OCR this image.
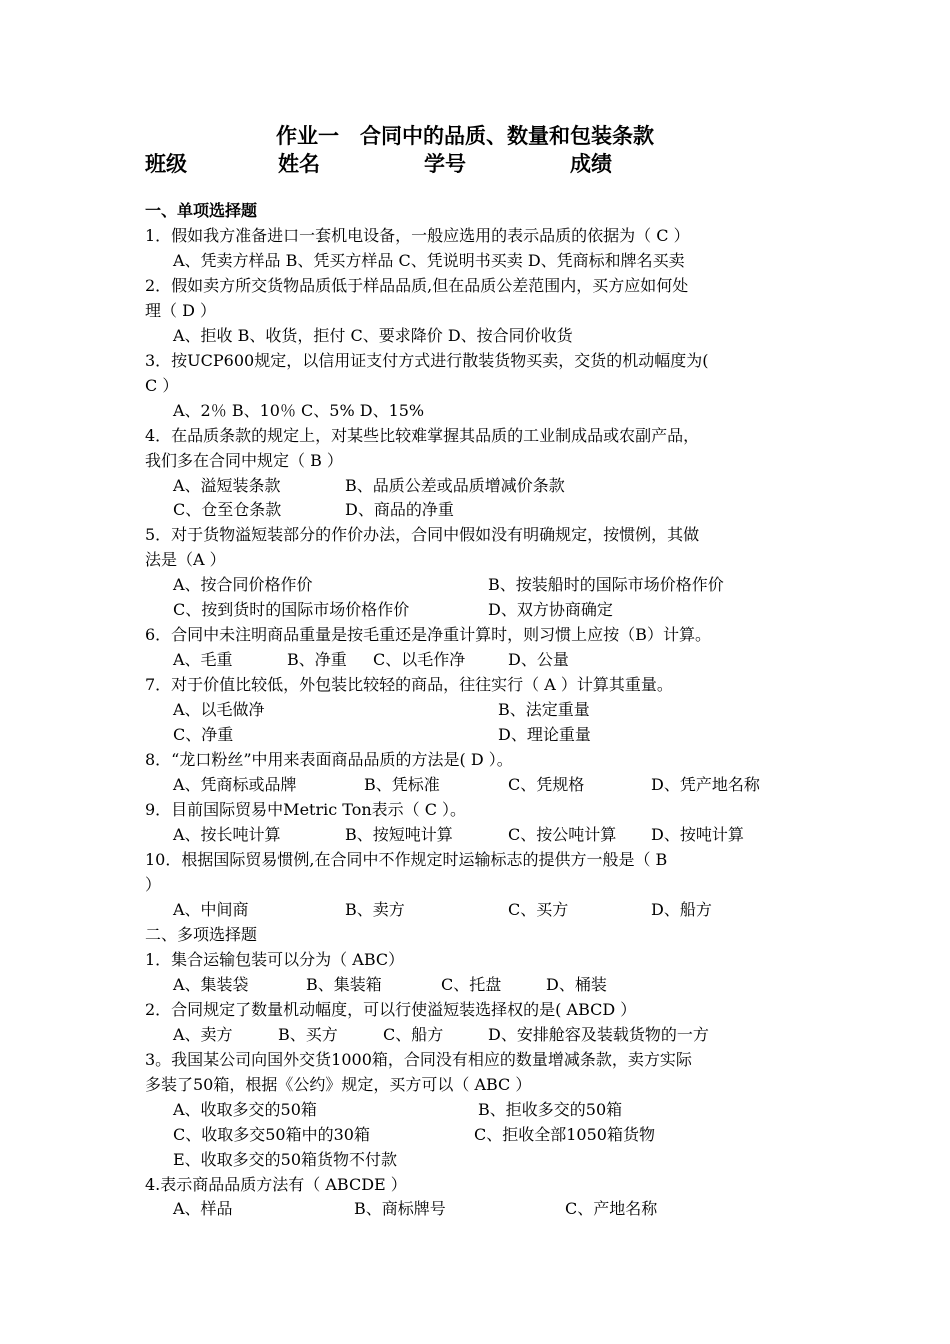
作业一　合同中的品质、数量和包装条款
班级	姓名	学号	成绩
一、单项选择题
1．假如我方准备进口一套机电设备，一般应选用的表示品质的依据为（ C ）
A、凭卖方样品 B、凭买方样品 C、凭说明书买卖 D、凭商标和牌名买卖
2．假如卖方所交货物品质低于样品品质,但在品质公差范围内，买方应如何处
理（ D ）
A、拒收 B、收货，拒付 C、要求降价 D、按合同价收货
3．按UCP600规定，以信用证支付方式进行散装货物买卖，交货的机动幅度为(
C ）
A、2％ B、10％ C、5% D、15%
4．在品质条款的规定上，对某些比较难掌握其品质的工业制成品或农副产品，
我们多在合同中规定（ B ）
A、溢短装条款	B、品质公差或品质增减价条款
C、仓至仓条款	D、商品的净重
5．对于货物溢短装部分的作价办法，合同中假如没有明确规定，按惯例，其做
法是（A ）
A、按合同价格作价	B、按装船时的国际市场价格作价
C、按到货时的国际市场价格作价	D、双方协商确定
6．合同中未注明商品重量是按毛重还是净重计算时，则习惯上应按（B）计算。
A、毛重	B、净重 C、以毛作净	D、公量
7．对于价值比较低，外包装比较轻的商品，往往实行（ A ）计算其重量。
A、以毛做净	B、法定重量
C、净重	D、理论重量
8．“龙口粉丝”中用来表面商品品质的方法是( D ）。
A、凭商标或品牌	B、凭标准	C、凭规格	D、凭产地名称
9．目前国际贸易中Metric Ton表示（ C ）。
A、按长吨计算	B、按短吨计算	C、按公吨计算 D、按吨计算
10．根据国际贸易惯例,在合同中不作规定时运输标志的提供方一般是（ B
）
A、中间商	B、卖方	C、买方	D、船方
二、多项选择题
1．集合运输包装可以分为（ ABC）
A、集装袋	B、集装箱	C、托盘	D、桶装
2．合同规定了数量机动幅度，可以行使溢短装选择权的是( ABCD ）
A、卖方	B、买方	C、船方	D、安排舱容及装载货物的一方
3。我国某公司向国外交货1000箱，合同没有相应的数量增减条款，卖方实际
多装了50箱，根据《公约》规定，买方可以（ ABC ）
A、收取多交的50箱	B、拒收多交的50箱
C、收取多交50箱中的30箱	C、拒收全部1050箱货物
E、收取多交的50箱货物不付款
4.表示商品品质方法有（ ABCDE ）
A、样品	B、商标牌号	C、产地名称
